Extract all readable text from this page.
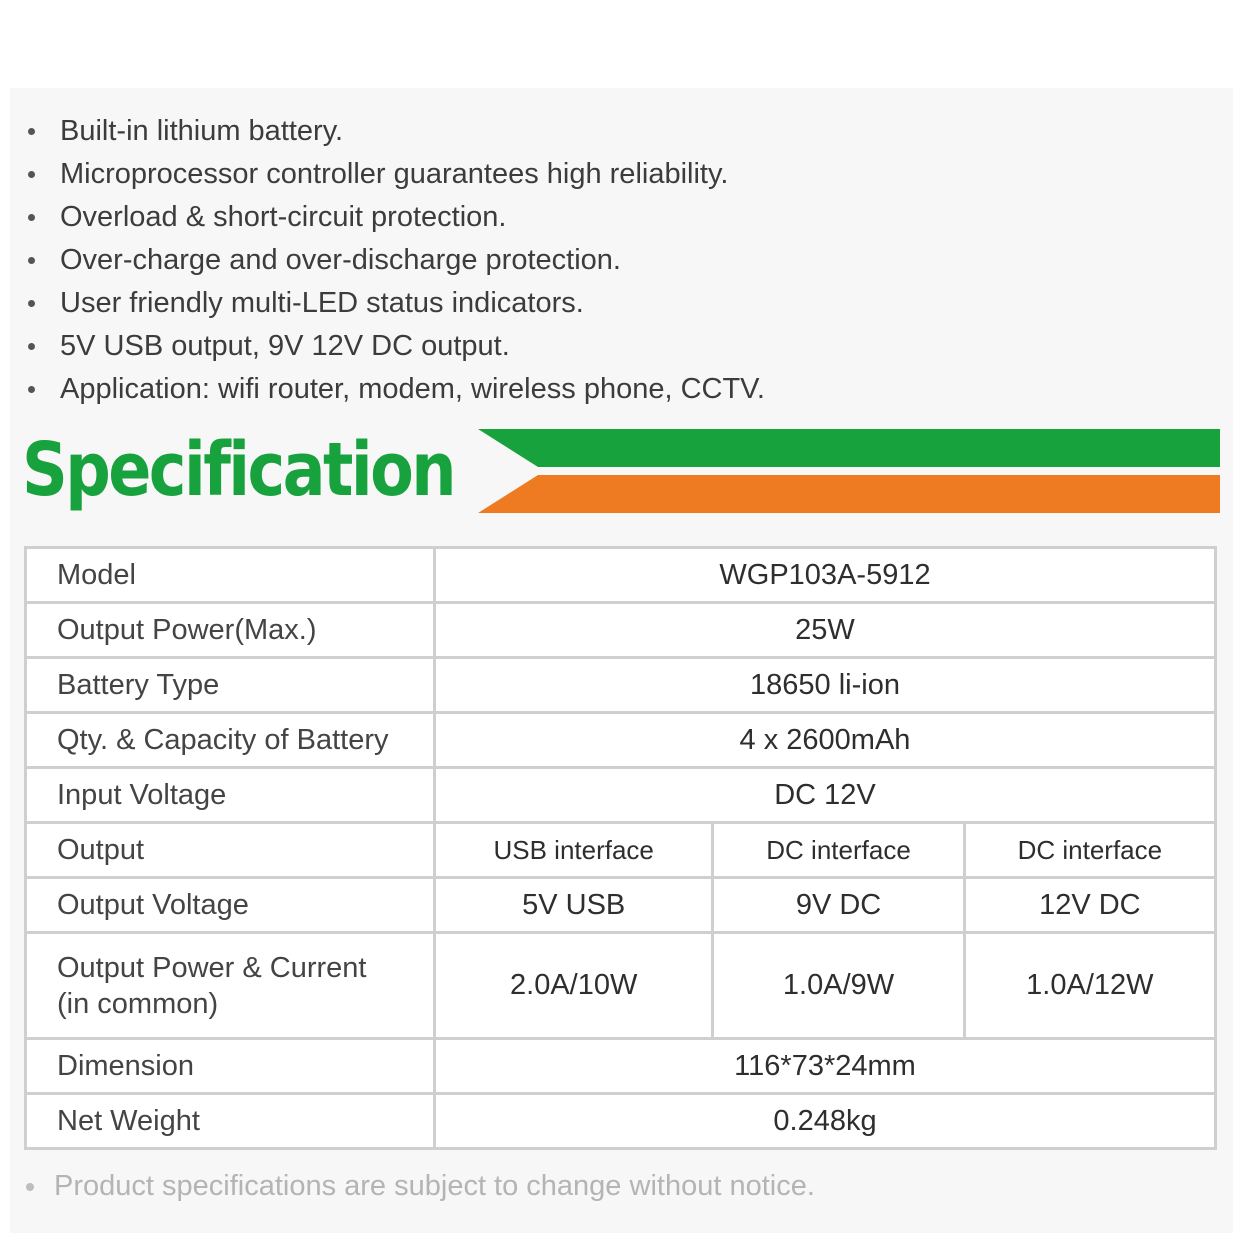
Built-in lithium battery.
Microprocessor controller guarantees high reliability.
Overload & short-circuit protection.
Over-charge and over-discharge protection.
User friendly multi-LED status indicators.
5V USB output, 9V 12V DC output.
Application: wifi router, modem, wireless phone, CCTV.
Specification
Model	WGP103A-5912		
Output Power(Max.)	25W		
Battery Type	18650 li-ion		
Qty. & Capacity of Battery	4 x 2600mAh		
Input Voltage	DC 12V		
Output	USB interface	DC interface	DC interface
Output Voltage	5V USB	9V DC	12V DC

Output Power & Current
(in common)	2.0A/10W	1.0A/9W	1.0A/12W
Dimension	116*73*24mm		
Net Weight	0.248kg		
Product specifications are subject to change without notice.
